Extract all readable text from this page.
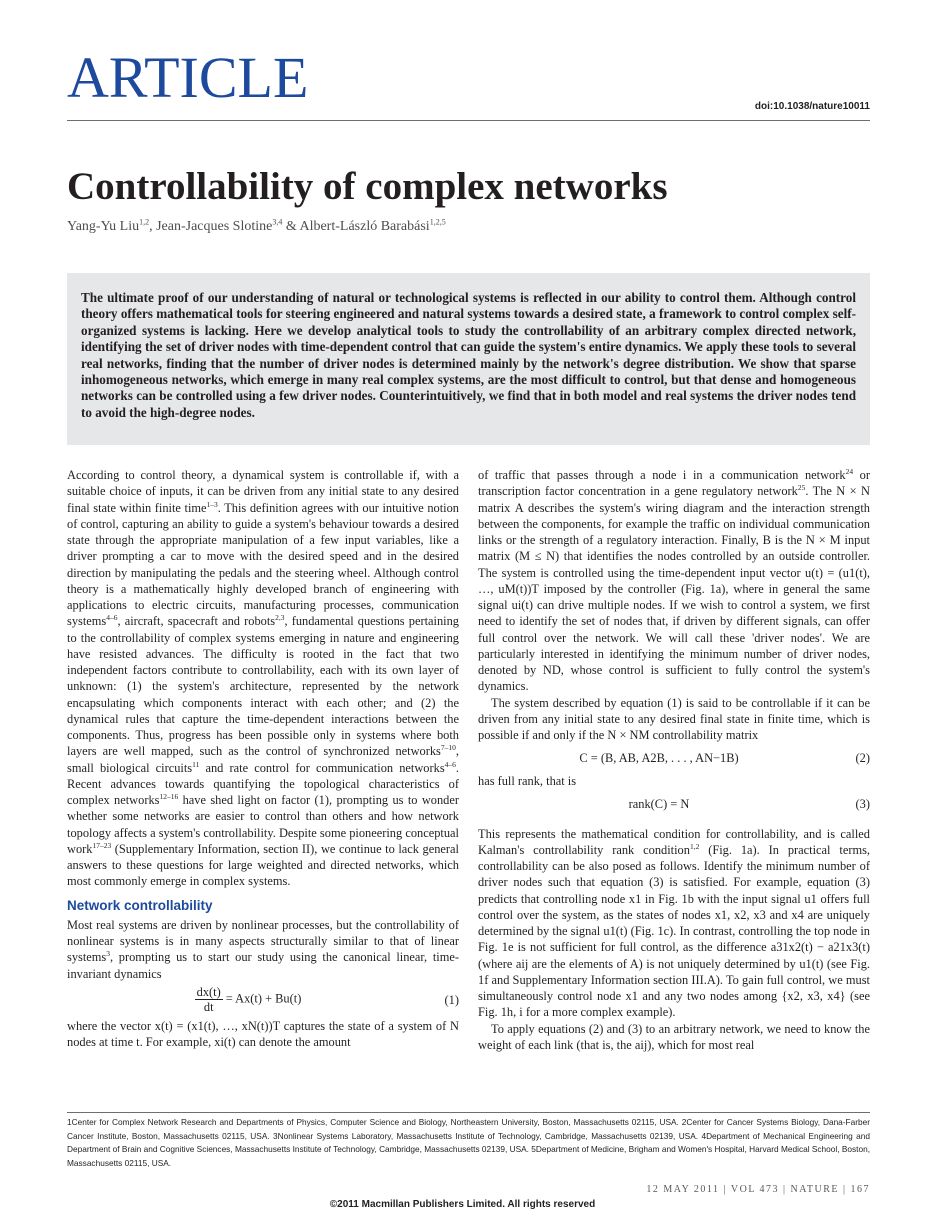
ARTICLE	doi:10.1038/nature10011
Controllability of complex networks
Yang-Yu Liu$^{1,2}$, Jean-Jacques Slotine$^{3,4}$ & Albert-László Barabási$^{1,2,5}$

The ultimate proof of our understanding of natural or technological systems is reflected in our ability to control them. Although control theory offers mathematical tools for steering engineered and natural systems towards a desired state, a framework to control complex self-organized systems is lacking. Here we develop analytical tools to study the controllability of an arbitrary complex directed network, identifying the set of driver nodes with time-dependent control that can guide the system's entire dynamics. We apply these tools to several real networks, finding that the number of driver nodes is determined mainly by the network's degree distribution. We show that sparse inhomogeneous networks, which emerge in many real complex systems, are the most difficult to control, but that dense and homogeneous networks can be controlled using a few driver nodes. Counterintuitively, we find that in both model and real systems the driver nodes tend to avoid the high-degree nodes.

According to control theory, a dynamical system is controllable if, with a suitable choice of inputs, it can be driven from any initial state to any desired final state within finite time$^{1-3}$. This definition agrees with our intuitive notion of control, capturing an ability to guide a system's behaviour towards a desired state through the appropriate manipulation of a few input variables, like a driver prompting a car to move with the desired speed and in the desired direction by manipulating the pedals and the steering wheel. Although control theory is a mathematically highly developed branch of engineering with applications to electric circuits, manufacturing processes, communication systems$^{4-6}$, aircraft, spacecraft and robots$^{2,3}$, fundamental questions pertaining to the controllability of complex systems emerging in nature and engineering have resisted advances. The difficulty is rooted in the fact that two independent factors contribute to controllability, each with its own layer of unknown: (1) the system's architecture, represented by the network encapsulating which components interact with each other; and (2) the dynamical rules that capture the time-dependent interactions between the components. Thus, progress has been possible only in systems where both layers are well mapped, such as the control of synchronized networks$^{7-10}$, small biological circuits$^{11}$ and rate control for communication networks$^{4-6}$. Recent advances towards quantifying the topological characteristics of complex networks$^{12-16}$ have shed light on factor (1), prompting us to wonder whether some networks are easier to control than others and how network topology affects a system's controllability. Despite some pioneering conceptual work$^{17-23}$ (Supplementary Information, section II), we continue to lack general answers to these questions for large weighted and directed networks, which most commonly emerge in complex systems.

Network controllability

Most real systems are driven by nonlinear processes, but the controllability of nonlinear systems is in many aspects structurally similar to that of linear systems$^3$, prompting us to start our study using the canonical linear, time-invariant dynamics

$\frac{dx(t)}{dt} = Ax(t) + Bu(t)$	(1)

where the vector x(t) = (x1(t), …, xN(t))T captures the state of a system of N nodes at time t. For example, xi(t) can denote the amount

of traffic that passes through a node i in a communication network$^{24}$ or transcription factor concentration in a gene regulatory network$^{25}$. The N × N matrix A describes the system's wiring diagram and the interaction strength between the components, for example the traffic on individual communication links or the strength of a regulatory interaction. Finally, B is the N × M input matrix (M ≤ N) that identifies the nodes controlled by an outside controller. The system is controlled using the time-dependent input vector u(t) = (u1(t), …, uM(t))T imposed by the controller (Fig. 1a), where in general the same signal ui(t) can drive multiple nodes. If we wish to control a system, we first need to identify the set of nodes that, if driven by different signals, can offer full control over the network. We will call these 'driver nodes'. We are particularly interested in identifying the minimum number of driver nodes, denoted by ND, whose control is sufficient to fully control the system's dynamics.

The system described by equation (1) is said to be controllable if it can be driven from any initial state to any desired final state in finite time, which is possible if and only if the N × NM controllability matrix

C = (B, AB, A2B, . . . , AN−1B)	(2)

has full rank, that is

rank(C) = N	(3)

This represents the mathematical condition for controllability, and is called Kalman's controllability rank condition$^{1,2}$ (Fig. 1a). In practical terms, controllability can be also posed as follows. Identify the minimum number of driver nodes such that equation (3) is satisfied. For example, equation (3) predicts that controlling node x1 in Fig. 1b with the input signal u1 offers full control over the system, as the states of nodes x1, x2, x3 and x4 are uniquely determined by the signal u1(t) (Fig. 1c). In contrast, controlling the top node in Fig. 1e is not sufficient for full control, as the difference a31x2(t) − a21x3(t) (where aij are the elements of A) is not uniquely determined by u1(t) (see Fig. 1f and Supplementary Information section III.A). To gain full control, we must simultaneously control node x1 and any two nodes among {x2, x3, x4} (see Fig. 1h, i for a more complex example).

To apply equations (2) and (3) to an arbitrary network, we need to know the weight of each link (that is, the aij), which for most real

1Center for Complex Network Research and Departments of Physics, Computer Science and Biology, Northeastern University, Boston, Massachusetts 02115, USA. 2Center for Cancer Systems Biology, Dana-Farber Cancer Institute, Boston, Massachusetts 02115, USA. 3Nonlinear Systems Laboratory, Massachusetts Institute of Technology, Cambridge, Massachusetts 02139, USA. 4Department of Mechanical Engineering and Department of Brain and Cognitive Sciences, Massachusetts Institute of Technology, Cambridge, Massachusetts 02139, USA. 5Department of Medicine, Brigham and Women's Hospital, Harvard Medical School, Boston, Massachusetts 02115, USA.
12 MAY 2011 | VOL 473 | NATURE | 167
©2011 Macmillan Publishers Limited. All rights reserved
